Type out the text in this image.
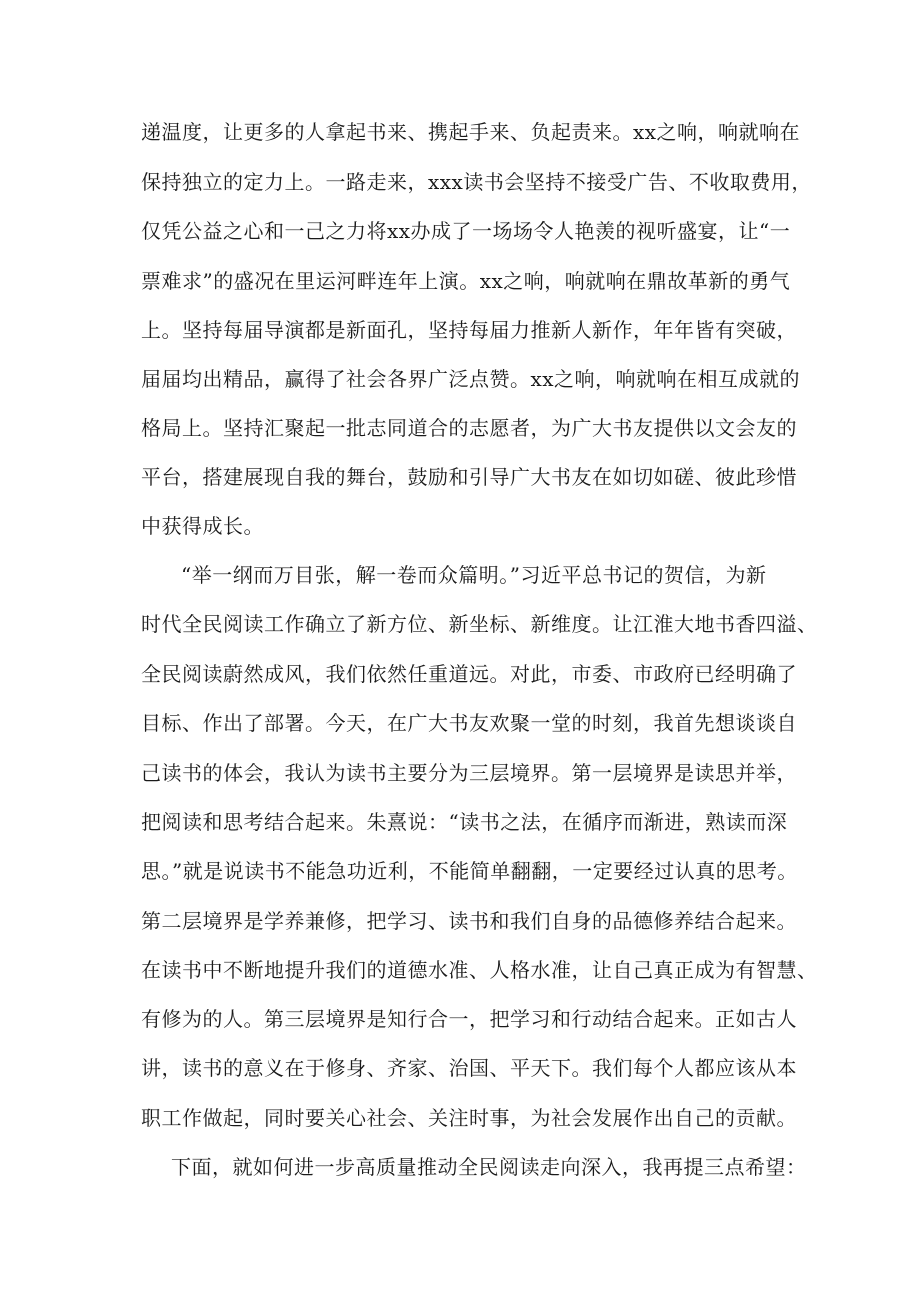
递温度，让更多的人拿起书来、携起手来、负起责来。xx之响，响就响在
保持独立的定力上。一路走来，xxx读书会坚持不接受广告、不收取费用，
仅凭公益之心和一己之力将xx办成了一场场令人艳羡的视听盛宴，让“一
票难求”的盛况在里运河畔连年上演。xx之响，响就响在鼎故革新的勇气
上。坚持每届导演都是新面孔，坚持每届力推新人新作，年年皆有突破，
届届均出精品，赢得了社会各界广泛点赞。xx之响，响就响在相互成就的
格局上。坚持汇聚起一批志同道合的志愿者，为广大书友提供以文会友的
平台，搭建展现自我的舞台，鼓励和引导广大书友在如切如磋、彼此珍惜
中获得成长。
“举一纲而万目张，解一卷而众篇明。”习近平总书记的贺信，为新
时代全民阅读工作确立了新方位、新坐标、新维度。让江淮大地书香四溢、
全民阅读蔚然成风，我们依然任重道远。对此，市委、市政府已经明确了
目标、作出了部署。今天，在广大书友欢聚一堂的时刻，我首先想谈谈自
己读书的体会，我认为读书主要分为三层境界。第一层境界是读思并举，
把阅读和思考结合起来。朱熹说：“读书之法，在循序而渐进，熟读而深
思。”就是说读书不能急功近利，不能简单翻翻，一定要经过认真的思考。
第二层境界是学养兼修，把学习、读书和我们自身的品德修养结合起来。
在读书中不断地提升我们的道德水准、人格水准，让自己真正成为有智慧、
有修为的人。第三层境界是知行合一，把学习和行动结合起来。正如古人
讲，读书的意义在于修身、齐家、治国、平天下。我们每个人都应该从本
职工作做起，同时要关心社会、关注时事，为社会发展作出自己的贡献。
下面，就如何进一步高质量推动全民阅读走向深入，我再提三点希望：
